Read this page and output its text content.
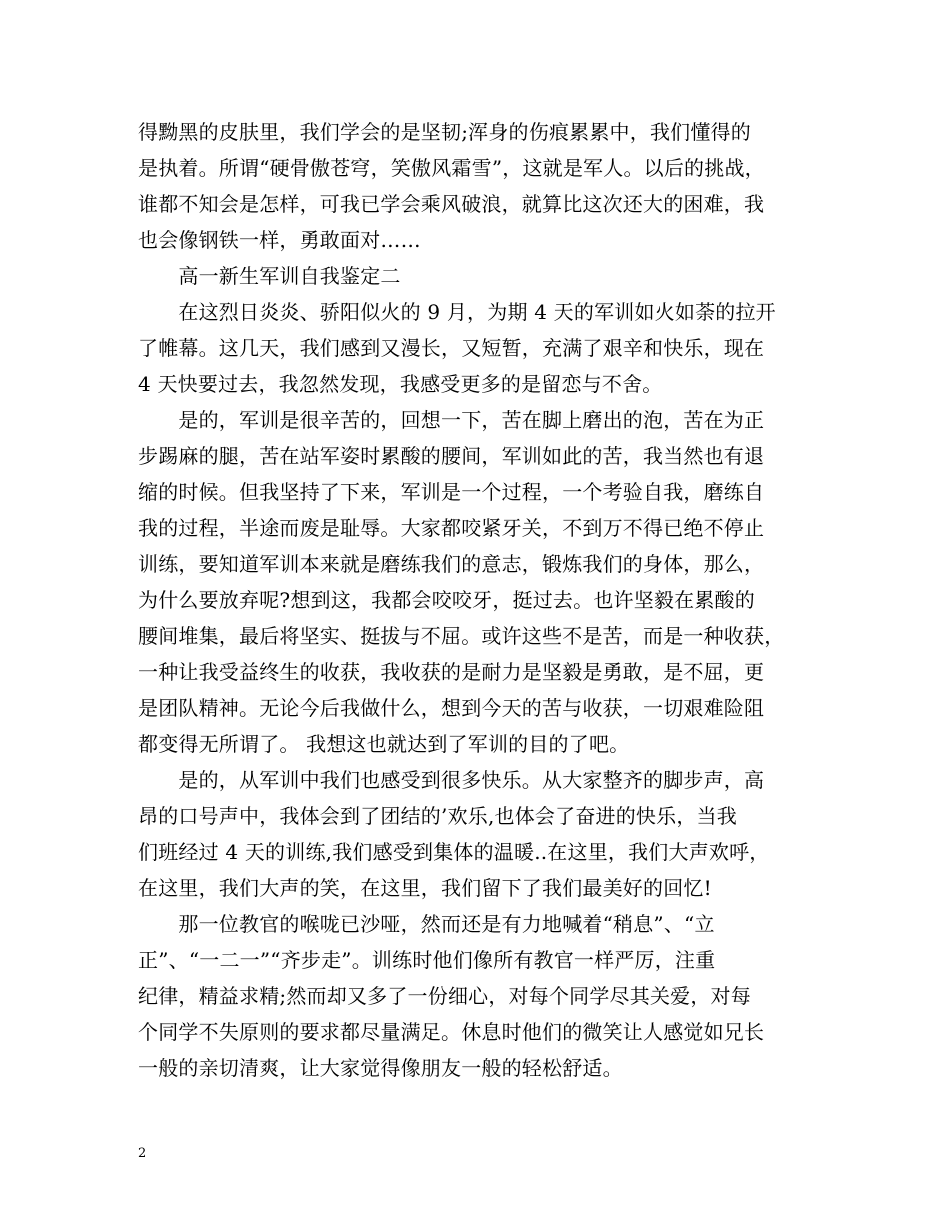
得黝黑的皮肤里，我们学会的是坚韧;浑身的伤痕累累中，我们懂得的
是执着。所谓“硬骨傲苍穹，笑傲风霜雪”，这就是军人。以后的挑战，
谁都不知会是怎样，可我已学会乘风破浪，就算比这次还大的困难，我
也会像钢铁一样，勇敢面对……
　　高一新生军训自我鉴定二
　　在这烈日炎炎、骄阳似火的 9 月，为期 4 天的军训如火如荼的拉开
了帷幕。这几天，我们感到又漫长，又短暂，充满了艰辛和快乐，现在
4 天快要过去，我忽然发现，我感受更多的是留恋与不舍。
　　是的，军训是很辛苦的，回想一下，苦在脚上磨出的泡，苦在为正
步踢麻的腿，苦在站军姿时累酸的腰间，军训如此的苦，我当然也有退
缩的时候。但我坚持了下来，军训是一个过程，一个考验自我，磨练自
我的过程，半途而废是耻辱。大家都咬紧牙关，不到万不得已绝不停止
训练，要知道军训本来就是磨练我们的意志，锻炼我们的身体，那么，
为什么要放弃呢?想到这，我都会咬咬牙，挺过去。也许坚毅在累酸的
腰间堆集，最后将坚实、挺拔与不屈。或许这些不是苦，而是一种收获，
一种让我受益终生的收获，我收获的是耐力是坚毅是勇敢，是不屈，更
是团队精神。无论今后我做什么，想到今天的苦与收获，一切艰难险阻
都变得无所谓了。 我想这也就达到了军训的目的了吧。
　　是的，从军训中我们也感受到很多快乐。从大家整齐的脚步声，高
昂的口号声中，我体会到了团结的’欢乐,也体会了奋进的快乐，当我
们班经过 4 天的训练,我们感受到集体的温暖..在这里，我们大声欢呼，
在这里，我们大声的笑，在这里，我们留下了我们最美好的回忆!
　　那一位教官的喉咙已沙哑，然而还是有力地喊着“稍息”、“立
正”、“一二一”“齐步走”。训练时他们像所有教官一样严厉，注重
纪律，精益求精;然而却又多了一份细心，对每个同学尽其关爱，对每
个同学不失原则的要求都尽量满足。休息时他们的微笑让人感觉如兄长
一般的亲切清爽，让大家觉得像朋友一般的轻松舒适。
2
